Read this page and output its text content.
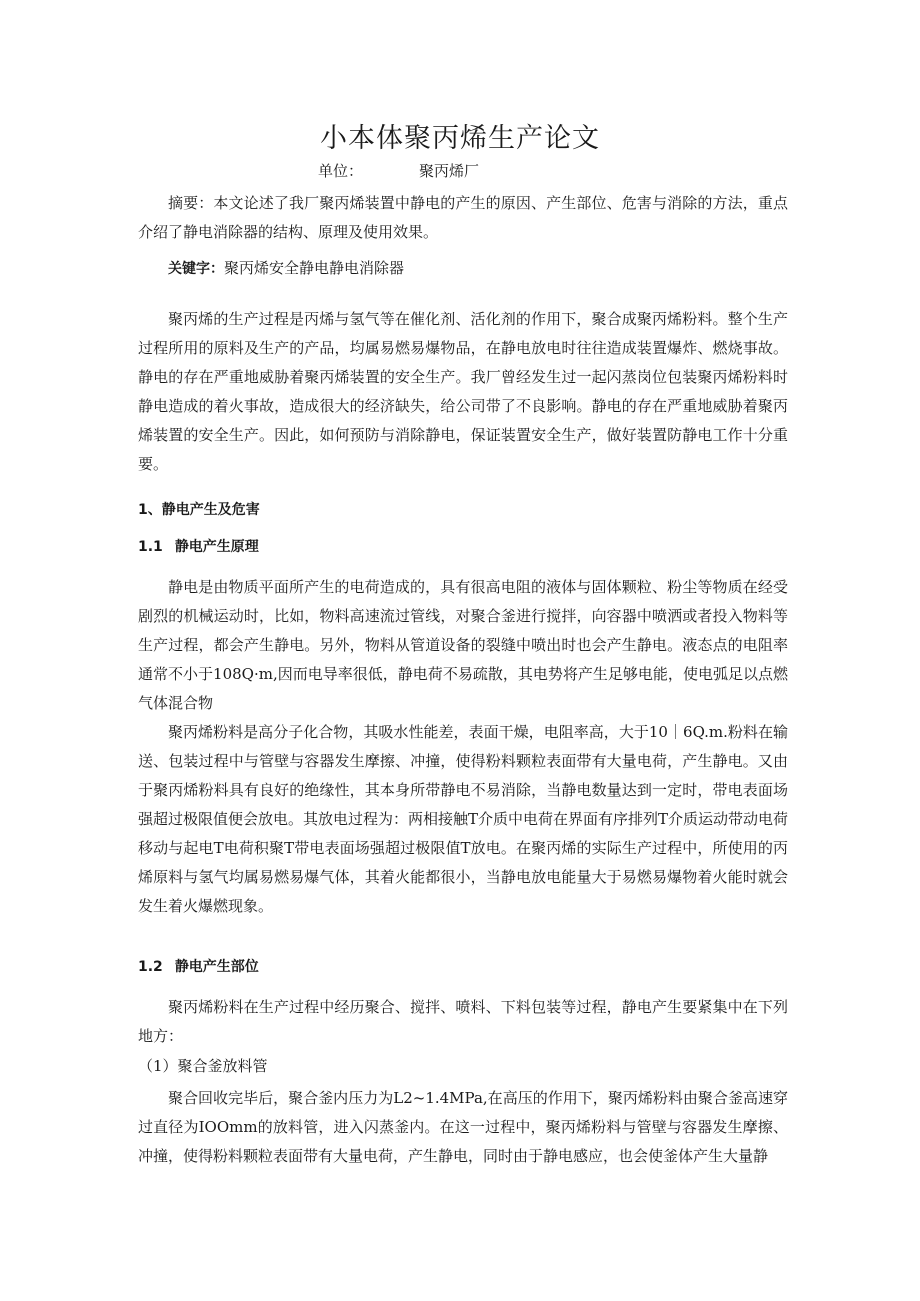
小本体聚丙烯生产论文
单位：	聚丙烯厂

摘要：本文论述了我厂聚丙烯装置中静电的产生的原因、产生部位、危害与消除的方法，重点介绍了静电消除器的结构、原理及使用效果。

关键字：聚丙烯安全静电静电消除器

聚丙烯的生产过程是丙烯与氢气等在催化剂、活化剂的作用下，聚合成聚丙烯粉料。整个生产过程所用的原料及生产的产品，均属易燃易爆物品，在静电放电时往往造成装置爆炸、燃烧事故。静电的存在严重地威胁着聚丙烯装置的安全生产。我厂曾经发生过一起闪蒸岗位包装聚丙烯粉料时静电造成的着火事故，造成很大的经济缺失，给公司带了不良影响。静电的存在严重地威胁着聚丙烯装置的安全生产。因此，如何预防与消除静电，保证装置安全生产，做好装置防静电工作十分重要。

1、静电产生及危害
1.1 静电产生原理

静电是由物质平面所产生的电荷造成的，具有很高电阻的液体与固体颗粒、粉尘等物质在经受剧烈的机械运动时，比如，物料高速流过管线，对聚合釜进行搅拌，向容器中喷洒或者投入物料等生产过程，都会产生静电。另外，物料从管道设备的裂缝中喷出时也会产生静电。液态点的电阻率通常不小于108Q·m,因而电导率很低，静电荷不易疏散，其电势将产生足够电能，使电弧足以点燃气体混合物

聚丙烯粉料是高分子化合物，其吸水性能差，表面干燥，电阻率高，大于10｜6Q.m.粉料在输送、包装过程中与管壁与容器发生摩擦、冲撞，使得粉料颗粒表面带有大量电荷，产生静电。又由于聚丙烯粉料具有良好的绝缘性，其本身所带静电不易消除，当静电数量达到一定时，带电表面场强超过极限值便会放电。其放电过程为：两相接触T介质中电荷在界面有序排列T介质运动带动电荷移动与起电T电荷积聚T带电表面场强超过极限值T放电。在聚丙烯的实际生产过程中，所使用的丙烯原料与氢气均属易燃易爆气体，其着火能都很小，当静电放电能量大于易燃易爆物着火能时就会发生着火爆燃现象。

1.2 静电产生部位

聚丙烯粉料在生产过程中经历聚合、搅拌、喷料、下料包装等过程，静电产生要紧集中在下列地方：

（1）聚合釜放料管

聚合回收完毕后，聚合釜内压力为L2~1.4MPa,在高压的作用下，聚丙烯粉料由聚合釜高速穿过直径为IOOmm的放料管，进入闪蒸釜内。在这一过程中，聚丙烯粉料与管壁与容器发生摩擦、冲撞，使得粉料颗粒表面带有大量电荷，产生静电，同时由于静电感应，也会使釜体产生大量静
